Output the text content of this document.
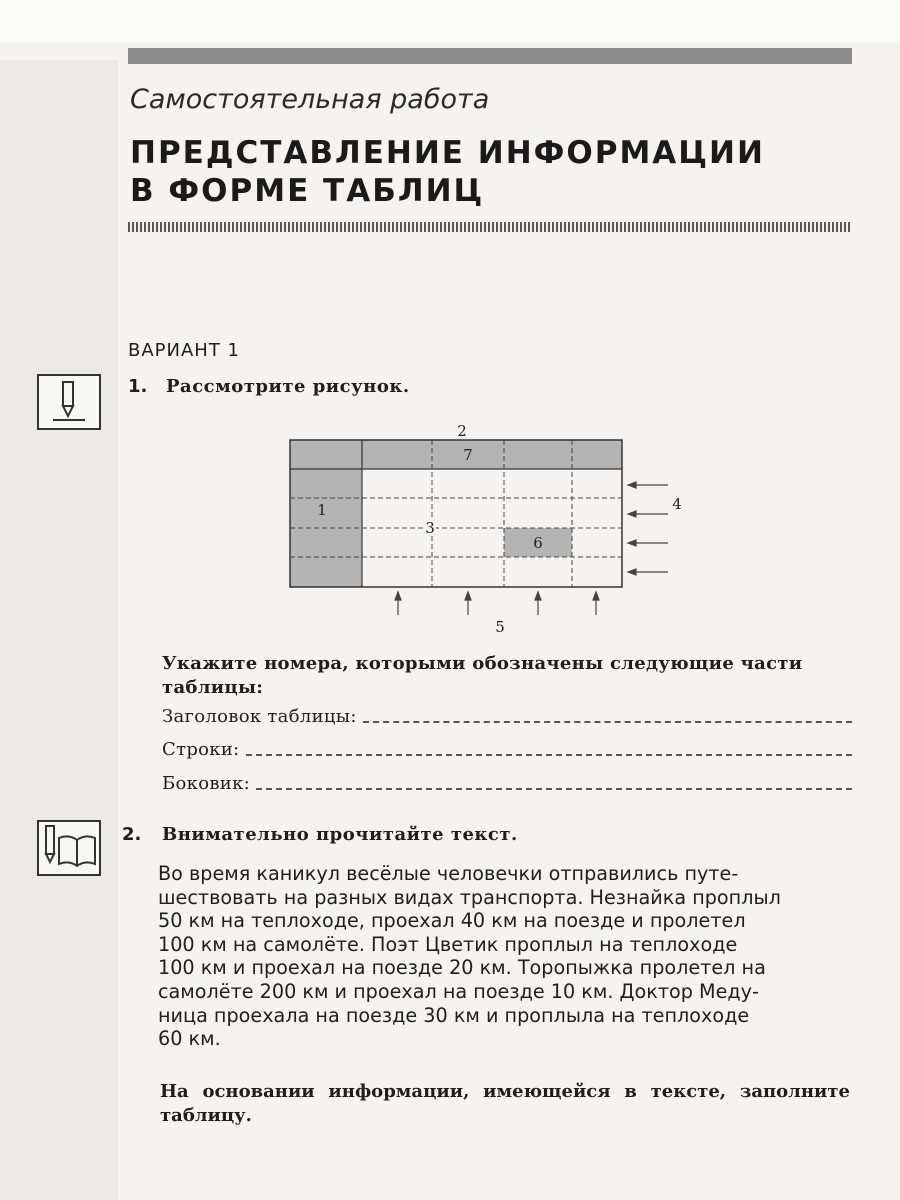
Самостоятельная работа
ПРЕДСТАВЛЕНИЕ ИНФОРМАЦИИ
В ФОРМЕ ТАБЛИЦ
ВАРИАНТ 1
1. Рассмотрите рисунок.
2
7
1
3
6
4
5
Укажите номера, которыми обозначены следующие части таблицы:
Заголовок таблицы:
Строки:
Боковик:
2. Внимательно прочитайте текст.
Во время каникул весёлые человечки отправились путе-
шествовать на разных видах транспорта. Незнайка проплыл
50 км на теплоходе, проехал 40 км на поезде и пролетел
100 км на самолёте. Поэт Цветик проплыл на теплоходе
100 км и проехал на поезде 20 км. Торопыжка пролетел на
самолёте 200 км и проехал на поезде 10 км. Доктор Меду-
ница проехала на поезде 30 км и проплыла на теплоходе
60 км.
На основании информации, имеющейся в тексте, заполните таблицу.
